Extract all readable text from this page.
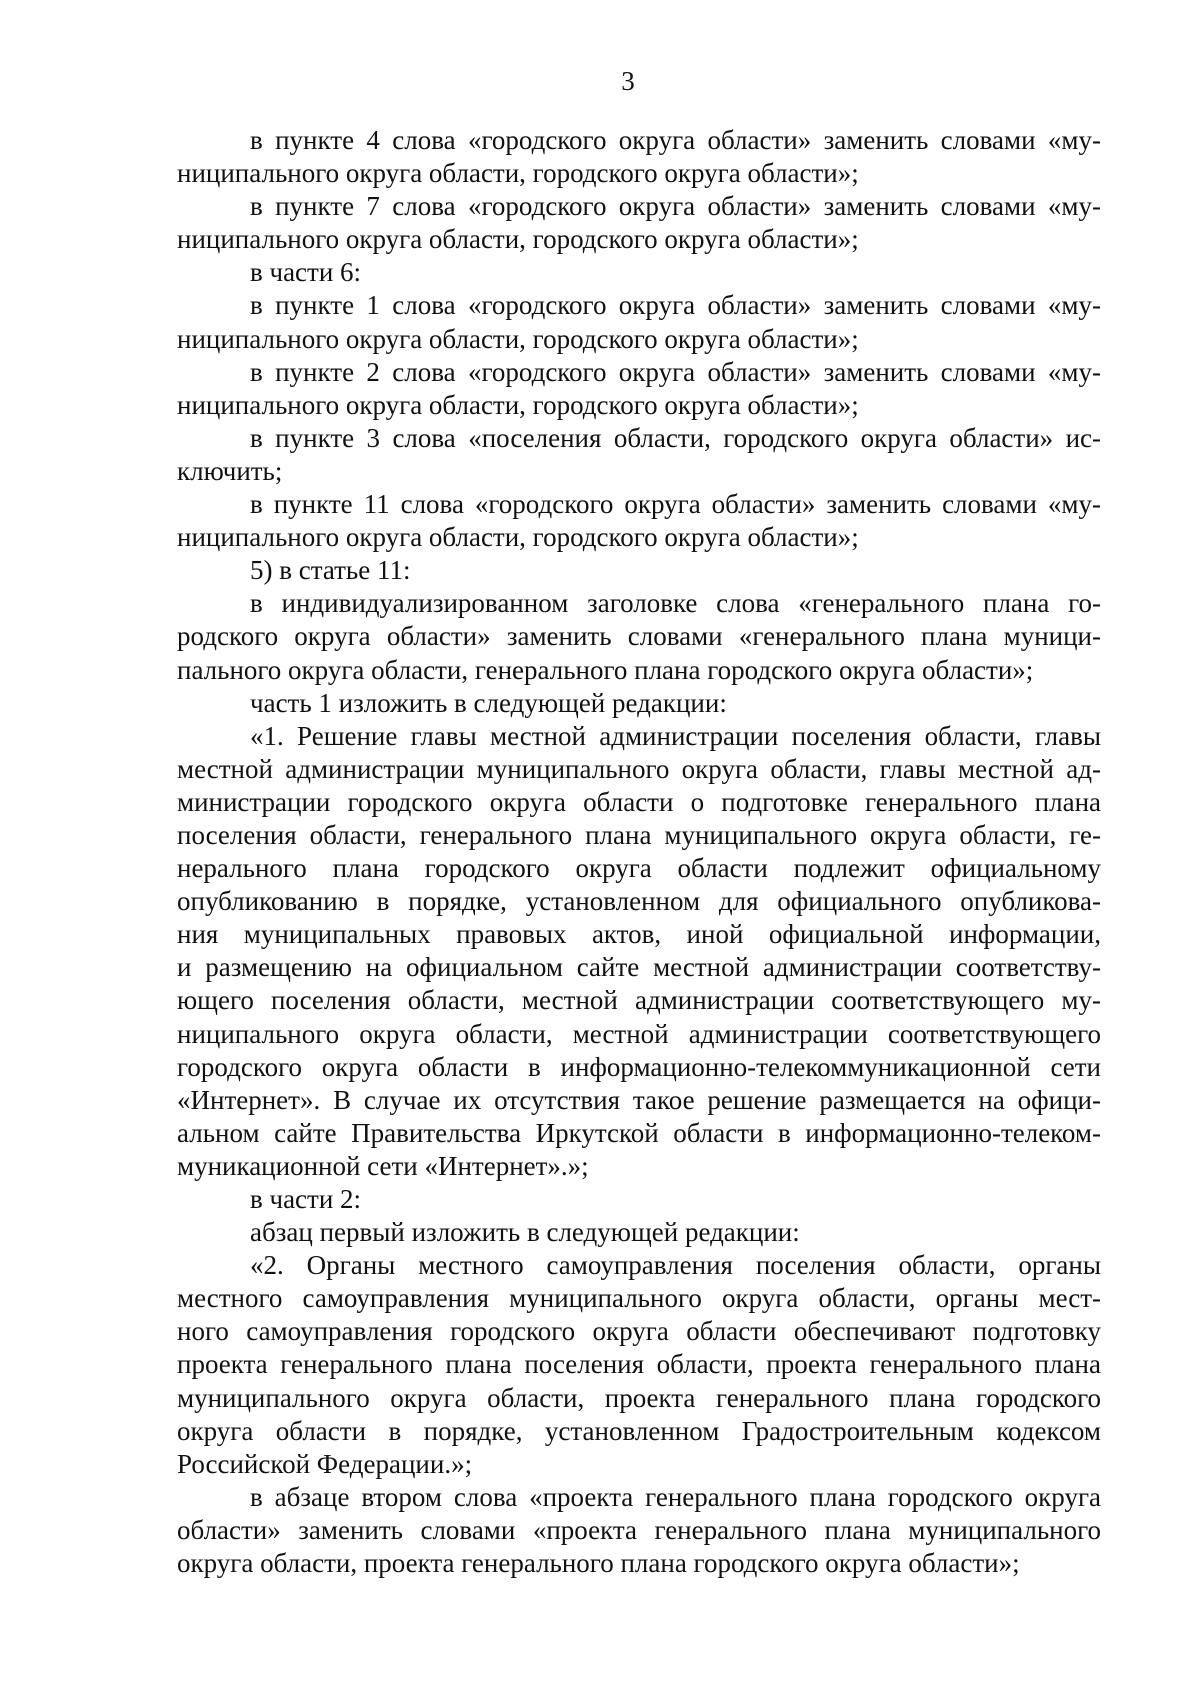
3
в пункте 4 слова «городского округа области» заменить словами «му-
ниципального округа области, городского округа области»;
в пункте 7 слова «городского округа области» заменить словами «му-
ниципального округа области, городского округа области»;
в части 6:
в пункте 1 слова «городского округа области» заменить словами «му-
ниципального округа области, городского округа области»;
в пункте 2 слова «городского округа области» заменить словами «му-
ниципального округа области, городского округа области»;
в пункте 3 слова «поселения области, городского округа области» ис-
ключить;
в пункте 11 слова «городского округа области» заменить словами «му-
ниципального округа области, городского округа области»;
5) в статье 11:
в индивидуализированном заголовке слова «генерального плана го-
родского округа области» заменить словами «генерального плана муници-
пального округа области, генерального плана городского округа области»;
часть 1 изложить в следующей редакции:
«1. Решение главы местной администрации поселения области, главы
местной администрации муниципального округа области, главы местной ад-
министрации городского округа области о подготовке генерального плана
поселения области, генерального плана муниципального округа области, ге-
нерального плана городского округа области подлежит официальному
опубликованию в порядке, установленном для официального опубликова-
ния муниципальных правовых актов, иной официальной информации,
и размещению на официальном сайте местной администрации соответству-
ющего поселения области, местной администрации соответствующего му-
ниципального округа области, местной администрации соответствующего
городского округа области в информационно-телекоммуникационной сети
«Интернет». В случае их отсутствия такое решение размещается на офици-
альном сайте Правительства Иркутской области в информационно-телеком-
муникационной сети «Интернет».»;
в части 2:
абзац первый изложить в следующей редакции:
«2. Органы местного самоуправления поселения области, органы
местного самоуправления муниципального округа области, органы мест-
ного самоуправления городского округа области обеспечивают подготовку
проекта генерального плана поселения области, проекта генерального плана
муниципального округа области, проекта генерального плана городского
округа области в порядке, установленном Градостроительным кодексом
Российской Федерации.»;
в абзаце втором слова «проекта генерального плана городского округа
области» заменить словами «проекта генерального плана муниципального
округа области, проекта генерального плана городского округа области»;
